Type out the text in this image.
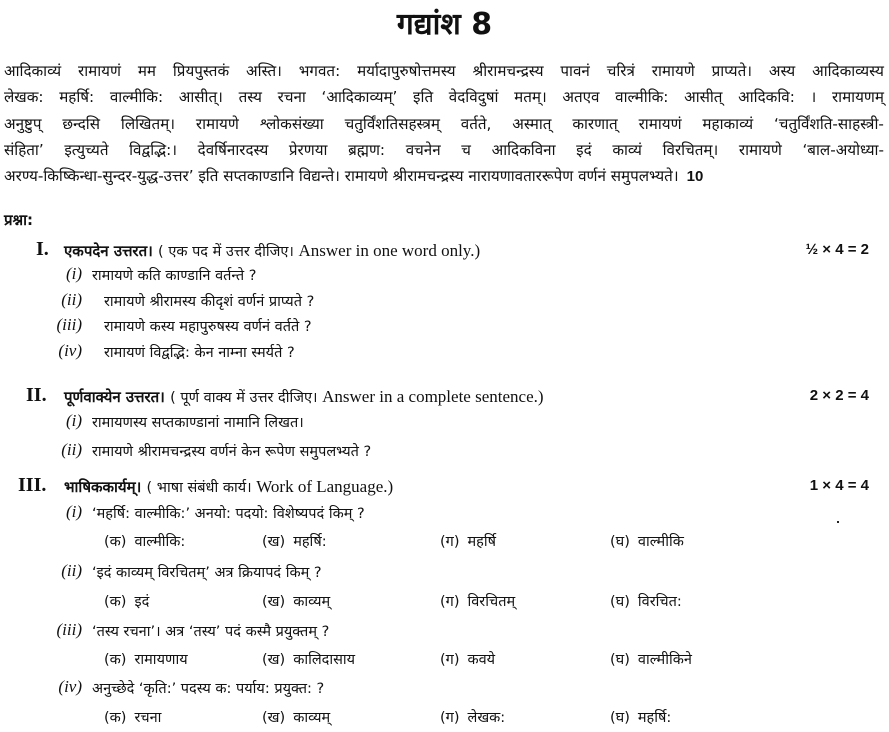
गद्यांश 8
आदिकाव्यं रामायणं मम प्रियपुस्तकं अस्ति। भगवत: मर्यादापुरुषोत्तमस्य श्रीरामचन्द्रस्य पावनं चरित्रं रामायणे प्राप्यते। अस्य आदिकाव्यस्य
लेखक: महर्षि: वाल्मीकि: आसीत्। तस्य रचना ‘आदिकाव्यम्’ इति वेदविदुषां मतम्। अतएव वाल्मीकि: आसीत् आदिकवि: । रामायणम्
अनुष्टुप् छन्दसि लिखितम्। रामायणे श्लोकसंख्या चतुर्विंशतिसहस्त्रम् वर्तते, अस्मात् कारणात् रामायणं महाकाव्यं ‘चतुर्विंशति-साहस्त्री-
संहिता’ इत्युच्यते विद्वद्भि:। देवर्षिनारदस्य प्रेरणया ब्रह्मण: वचनेन च आदिकविना इदं काव्यं विरचितम्। रामायणे ‘बाल-अयोध्या-
अरण्य-किष्किन्धा-सुन्दर-युद्ध-उत्तर’ इति सप्तकाण्डानि विद्यन्ते। रामायणे श्रीरामचन्द्रस्य नारायणावताररूपेण वर्णनं समुपलभ्यते। 10
प्रश्ना:
I. एकपदेन उत्तरत। ( एक पद में उत्तर दीजिए। Answer in one word only.)	½ × 4 = 2
(i) रामायणे कति काण्डानि वर्तन्ते ?
(ii) रामायणे श्रीरामस्य कीदृशं वर्णनं प्राप्यते ?
(iii) रामायणे कस्य महापुरुषस्य वर्णनं वर्तते ?
(iv) रामायणं विद्वद्भि: केन नाम्ना स्मर्यते ?
II. पूर्णवाक्येन उत्तरत। ( पूर्ण वाक्य में उत्तर दीजिए। Answer in a complete sentence.)	2 × 2 = 4
(i) रामायणस्य सप्तकाण्डानां नामानि लिखत।
(ii) रामायणे श्रीरामचन्द्रस्य वर्णनं केन रूपेण समुपलभ्यते ?
III. भाषिककार्यम्। ( भाषा संबंधी कार्य। Work of Language.)	1 × 4 = 4
(i) ‘महर्षि: वाल्मीकि:’ अनयो: पदयो: विशेष्यपदं किम् ?
(क) वाल्मीकि:	(ख) महर्षि:	(ग) महर्षि	(घ) वाल्मीकि
(ii) ‘इदं काव्यम् विरचितम्’ अत्र क्रियापदं किम् ?
(क) इदं	(ख) काव्यम्	(ग) विरचितम्	(घ) विरचित:
(iii) ‘तस्य रचना’। अत्र ‘तस्य’ पदं कस्मै प्रयुक्तम् ?
(क) रामायणाय	(ख) कालिदासाय	(ग) कवये	(घ) वाल्मीकिने
(iv) अनुच्छेदे ‘कृति:’ पदस्य क: पर्याय: प्रयुक्त: ?
(क) रचना	(ख) काव्यम्	(ग) लेखक:	(घ) महर्षि:
